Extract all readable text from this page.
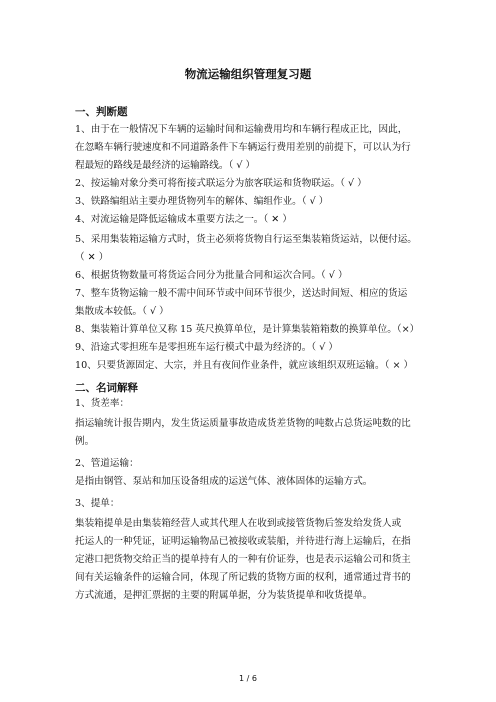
物流运输组织管理复习题
一、判断题
1、由于在一般情况下车辆的运输时间和运输费用均和车辆行程成正比，因此，
在忽略车辆行驶速度和不同道路条件下车辆运行费用差别的前提下，可以认为行
程最短的路线是最经济的运输路线。（ √ ）
2、按运输对象分类可将衔接式联运分为旅客联运和货物联运。（ √ ）
3、铁路编组站主要办理货物列车的解体、编组作业。（ √ ）
4、对流运输是降低运输成本重要方法之一。（ ✕ ）
5、采用集装箱运输方式时，货主必须将货物自行运至集装箱货运站，以便付运。
（ ✕ ）
6、根据货物数量可将货运合同分为批量合同和运次合同。（ √ ）
7、整车货物运输一般不需中间环节或中间环节很少，送达时间短、相应的货运
集散成本较低。（ √ ）
8、集装箱计算单位又称 15 英尺换算单位，是计算集装箱箱数的换算单位。（×）
9、沿途式零担班车是零担班车运行模式中最为经济的。（ √ ）
10、只要货源固定、大宗，并且有夜间作业条件，就应该组织双班运输。（ × ）
二、名词解释
1、货差率：
指运输统计报告期内，发生货运质量事故造成货差货物的吨数占总货运吨数的比
例。
2、管道运输：
是指由钢管、泵站和加压设备组成的运送气体、液体固体的运输方式。
3、提单：
集装箱提单是由集装箱经营人或其代理人在收到或接管货物后签发给发货人或
托运人的一种凭证，证明运输物品已被接收或装船，并待进行海上运输后，在指
定港口把货物交给正当的提单持有人的一种有价证券，也是表示运输公司和货主
间有关运输条件的运输合同，体现了所记载的货物方面的权利，通常通过背书的
方式流通，是押汇票据的主要的附属单据，分为装货提单和收货提单。
1 / 6
